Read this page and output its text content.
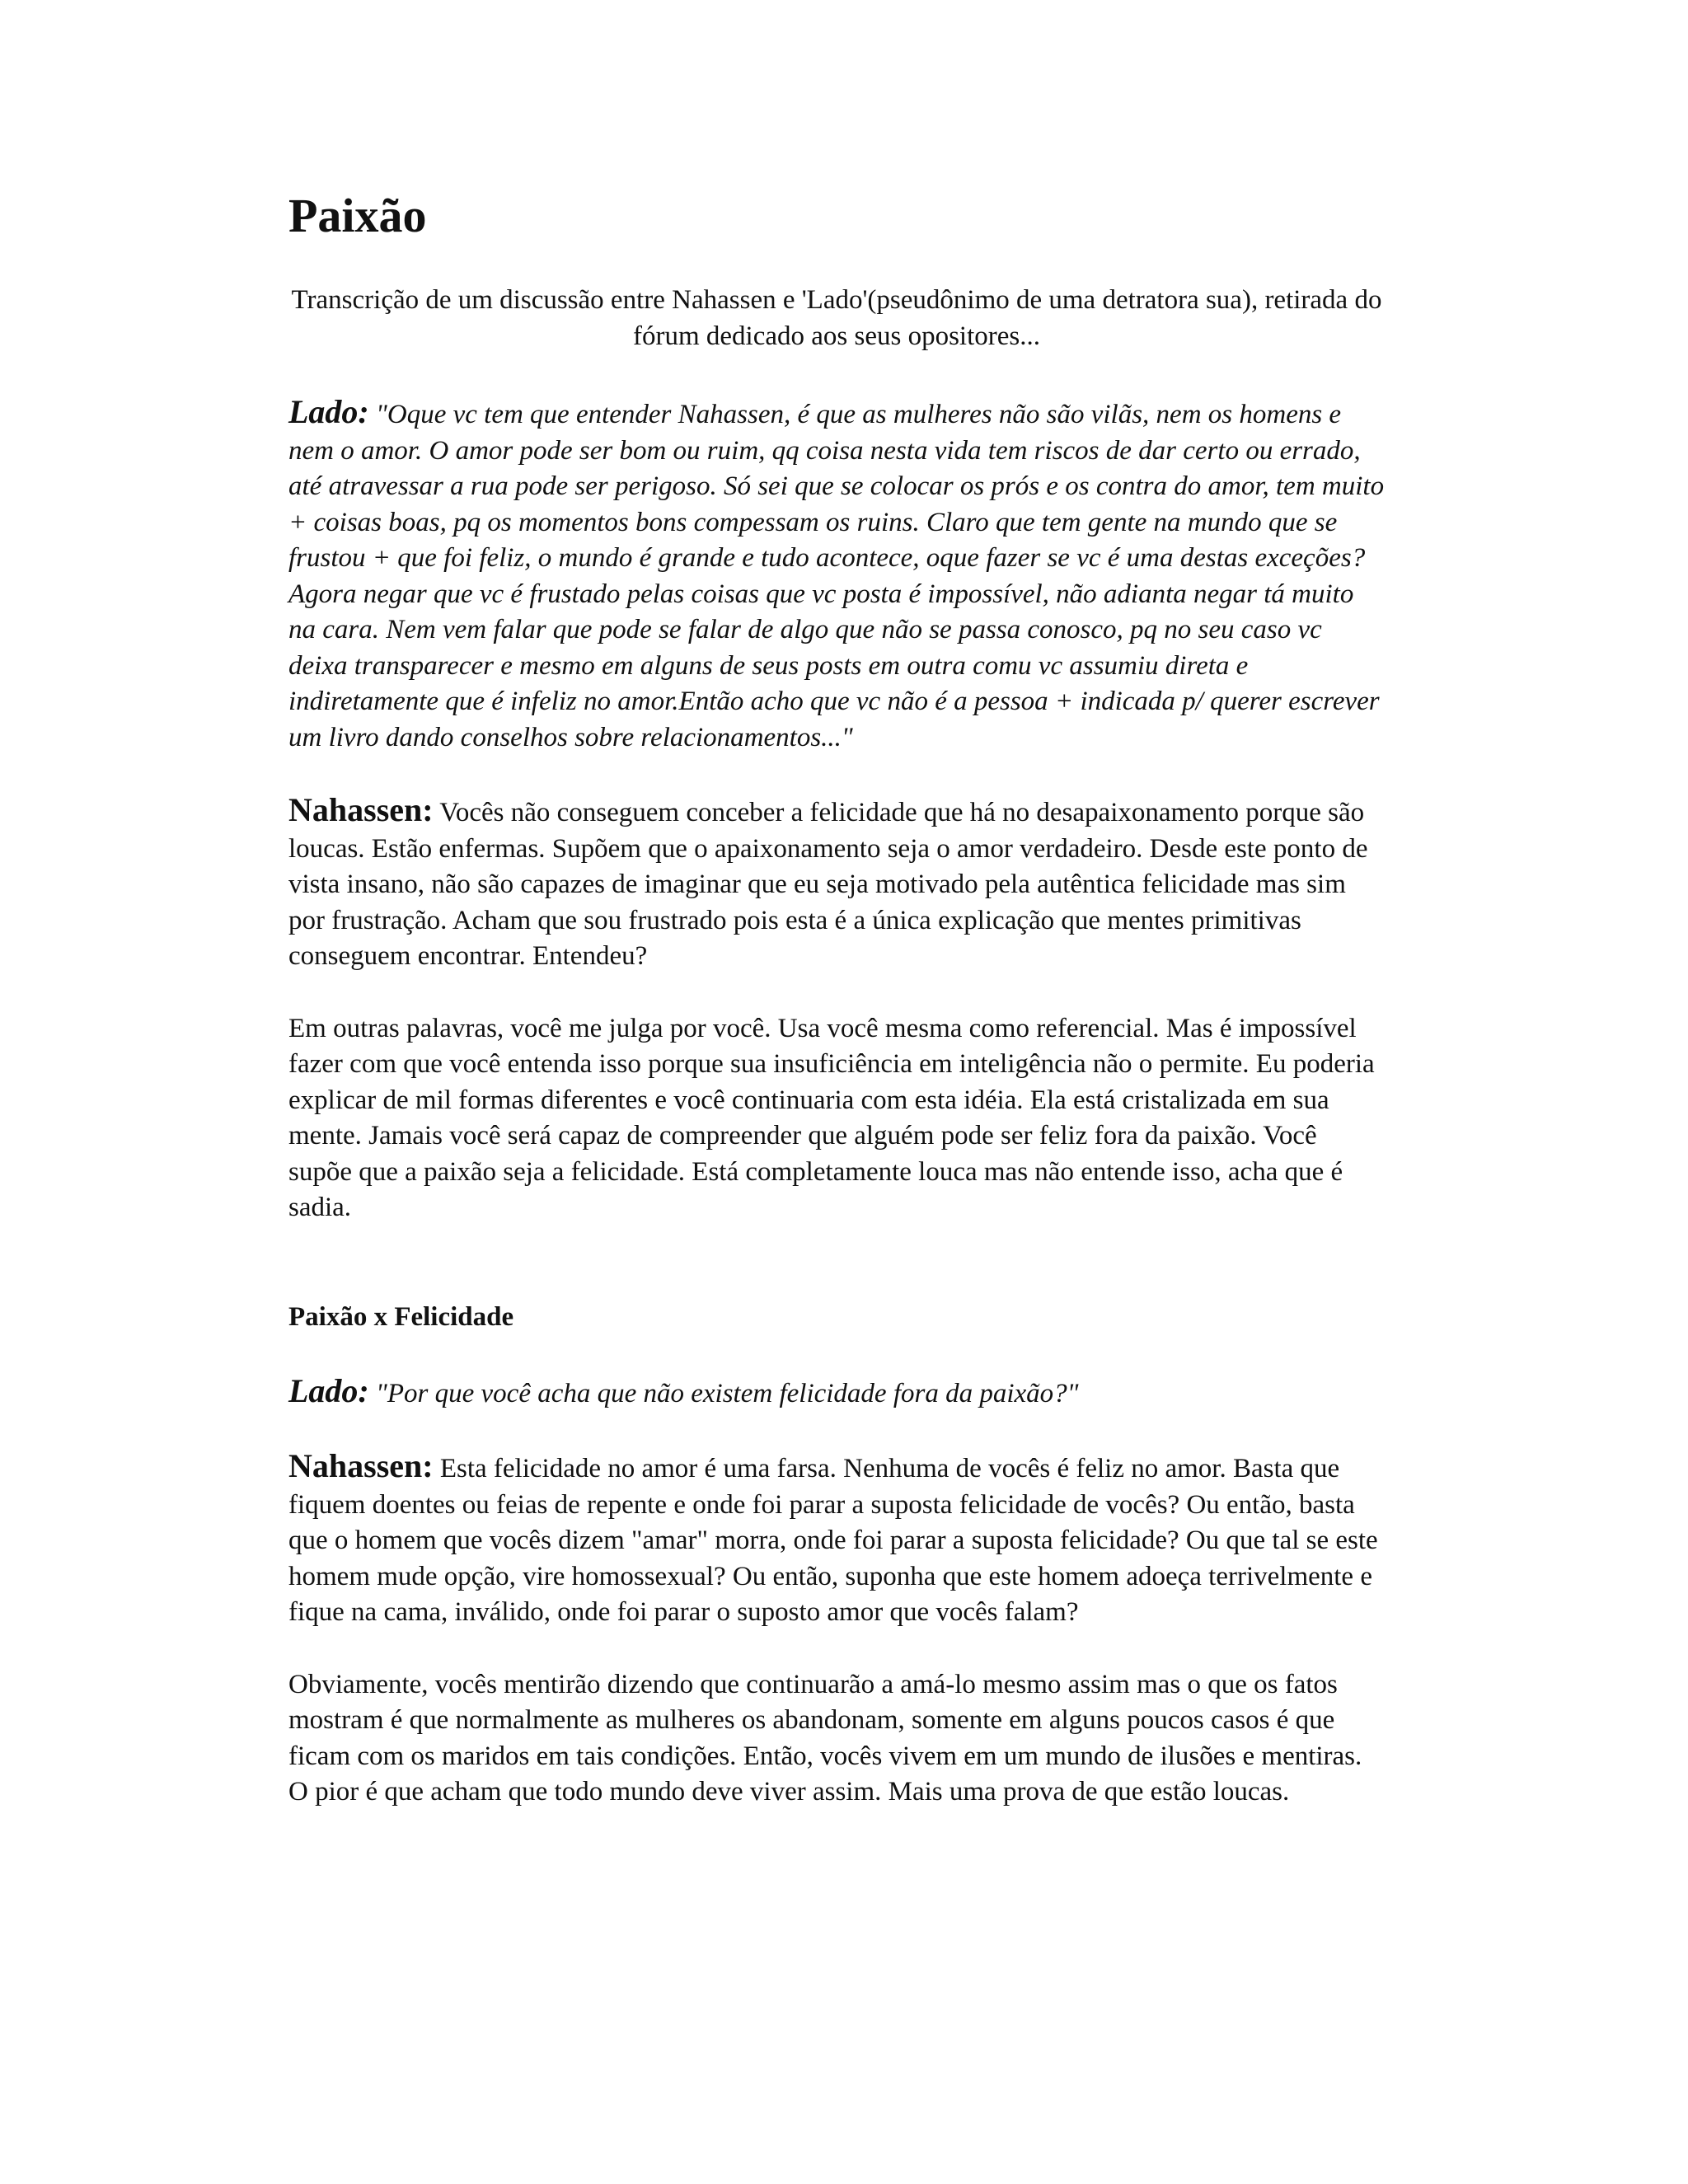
Paixão

Transcrição de um discussão entre Nahassen e 'Lado'(pseudônimo de uma detratora sua), retirada do fórum dedicado aos seus opositores...

Lado: "Oque vc tem que entender Nahassen, é que as mulheres não são vilãs, nem os homens e nem o amor. O amor pode ser bom ou ruim, qq coisa nesta vida tem riscos de dar certo ou errado, até atravessar a rua pode ser perigoso. Só sei que se colocar os prós e os contra do amor, tem muito + coisas boas, pq os momentos bons compessam os ruins. Claro que tem gente na mundo que se frustou + que foi feliz, o mundo é grande e tudo acontece, oque fazer se vc é uma destas exceções? Agora negar que vc é frustado pelas coisas que vc posta é impossível, não adianta negar tá muito na cara. Nem vem falar que pode se falar de algo que não se passa conosco, pq no seu caso vc deixa transparecer e mesmo em alguns de seus posts em outra comu vc assumiu direta e indiretamente que é infeliz no amor.Então acho que vc não é a pessoa + indicada p/ querer escrever um livro dando conselhos sobre relacionamentos..."

Nahassen: Vocês não conseguem conceber a felicidade que há no desapaixonamento porque são loucas. Estão enfermas. Supõem que o apaixonamento seja o amor verdadeiro. Desde este ponto de vista insano, não são capazes de imaginar que eu seja motivado pela autêntica felicidade mas sim por frustração. Acham que sou frustrado pois esta é a única explicação que mentes primitivas conseguem encontrar. Entendeu?

Em outras palavras, você me julga por você. Usa você mesma como referencial. Mas é impossível fazer com que você entenda isso porque sua insuficiência em inteligência não o permite. Eu poderia explicar de mil formas diferentes e você continuaria com esta idéia. Ela está cristalizada em sua mente. Jamais você será capaz de compreender que alguém pode ser feliz fora da paixão. Você supõe que a paixão seja a felicidade. Está completamente louca mas não entende isso, acha que é sadia.

Paixão x Felicidade

Lado: "Por que você acha que não existem felicidade fora da paixão?"

Nahassen: Esta felicidade no amor é uma farsa. Nenhuma de vocês é feliz no amor. Basta que fiquem doentes ou feias de repente e onde foi parar a suposta felicidade de vocês? Ou então, basta que o homem que vocês dizem "amar" morra, onde foi parar a suposta felicidade? Ou que tal se este homem mude opção, vire homossexual? Ou então, suponha que este homem adoeça terrivelmente e fique na cama, inválido, onde foi parar o suposto amor que vocês falam?

Obviamente, vocês mentirão dizendo que continuarão a amá-lo mesmo assim mas o que os fatos mostram é que normalmente as mulheres os abandonam, somente em alguns poucos casos é que ficam com os maridos em tais condições. Então, vocês vivem em um mundo de ilusões e mentiras. O pior é que acham que todo mundo deve viver assim. Mais uma prova de que estão loucas.
